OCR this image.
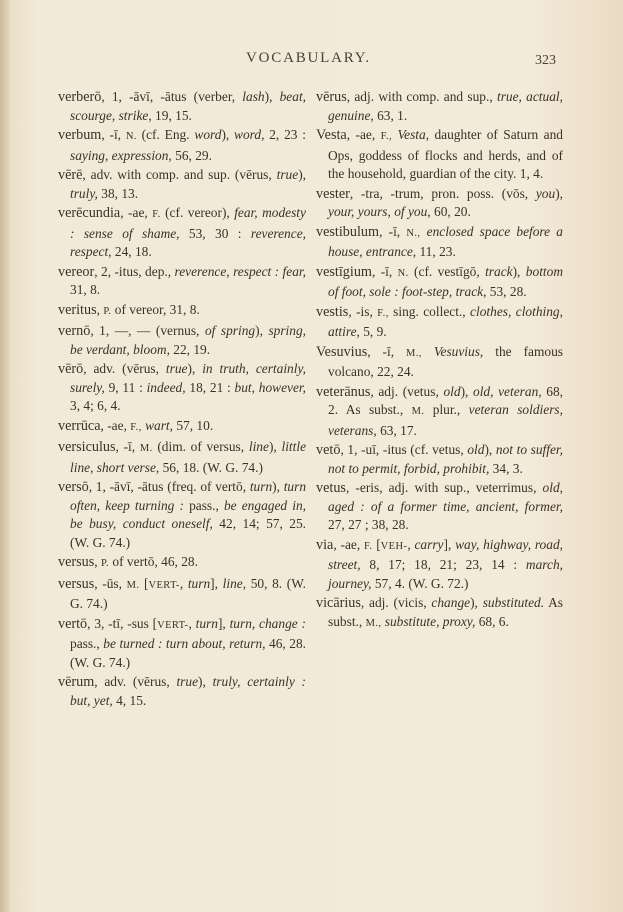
VOCABULARY.	323

verberō, 1, -āvī, -ātus (verber, lash), beat, scourge, strike, 19, 15.

verbum, -ī, N. (cf. Eng. word), word, 2, 23 : saying, expression, 56, 29.

vērē, adv. with comp. and sup. (vērus, true), truly, 38, 13.

verēcundia, -ae, F. (cf. vereor), fear, modesty : sense of shame, 53, 30 : reverence, respect, 24, 18.

vereor, 2, -itus, dep., reverence, respect : fear, 31, 8.

veritus, P. of vereor, 31, 8.

vernō, 1, —, — (vernus, of spring), spring, be verdant, bloom, 22, 19.

vērō, adv. (vērus, true), in truth, certainly, surely, 9, 11 : indeed, 18, 21 : but, however, 3, 4; 6, 4.

verrūca, -ae, F., wart, 57, 10.

versiculus, -ī, M. (dim. of versus, line), little line, short verse, 56, 18. (W. G. 74.)

versō, 1, -āvī, -ātus (freq. of vertō, turn), turn often, keep turning : pass., be engaged in, be busy, conduct oneself, 42, 14; 57, 25. (W. G. 74.)

versus, P. of vertō, 46, 28.

versus, -ūs, M. [VERT-, turn], line, 50, 8. (W. G. 74.)

vertō, 3, -tī, -sus [VERT-, turn], turn, change : pass., be turned : turn about, return, 46, 28. (W. G. 74.)

vērum, adv. (vērus, true), truly, certainly : but, yet, 4, 15.

vērus, adj. with comp. and sup., true, actual, genuine, 63, 1.

Vesta, -ae, F., Vesta, daughter of Saturn and Ops, goddess of flocks and herds, and of the household, guardian of the city. 1, 4.

vester, -tra, -trum, pron. poss. (vōs, you), your, yours, of you, 60, 20.

vestibulum, -ī, N., enclosed space before a house, entrance, 11, 23.

vestīgium, -ī, N. (cf. vestīgō, track), bottom of foot, sole : foot-step, track, 53, 28.

vestis, -is, F., sing. collect., clothes, clothing, attire, 5, 9.

Vesuvius, -ī, M., Vesuvius, the famous volcano, 22, 24.

veterānus, adj. (vetus, old), old, veteran, 68, 2. As subst., M. plur., veteran soldiers, veterans, 63, 17.

vetō, 1, -uī, -itus (cf. vetus, old), not to suffer, not to permit, forbid, prohibit, 34, 3.

vetus, -eris, adj. with sup., veterrimus, old, aged : of a former time, ancient, former, 27, 27 ; 38, 28.

via, -ae, F. [VEH-, carry], way, highway, road, street, 8, 17; 18, 21; 23, 14 : march, journey, 57, 4. (W. G. 72.)

vicārius, adj. (vicis, change), substituted. As subst., M., substitute, proxy, 68, 6.
